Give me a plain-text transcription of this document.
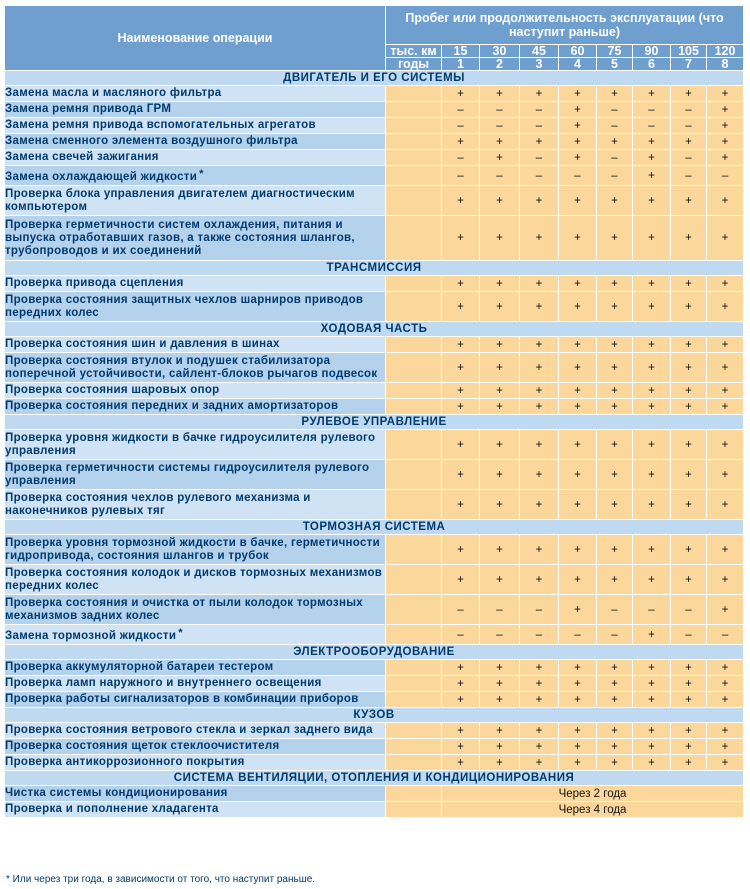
Наименование операции	Пробег или продолжительность эксплуатации (что наступит раньше)								
	тыс. км	15	30	45	60	75	90	105	120
	годы	1	2	3	4	5	6	7	8
ДВИГАТЕЛЬ И ЕГО СИСТЕМЫ									
Замена масла и масляного фильтра		+	+	+	+	+	+	+	+
Замена ремня привода ГРМ		–	–	–	+	–	–	–	+
Замена ремня привода вспомогательных агрегатов		–	–	–	+	–	–	–	+
Замена сменного элемента воздушного фильтра		+	+	+	+	+	+	+	+
Замена свечей зажигания		–	+	–	+	–	+	–	+
Замена охлаждающей жидкости *		–	–	–	–	–	+	–	–
Проверка блока управления двигателем диагностическим компьютером		+	+	+	+	+	+	+	+
Проверка герметичности систем охлаждения, питания и выпуска отработавших газов, а также состояния шлангов, трубопроводов и их соединений		+	+	+	+	+	+	+	+
ТРАНСМИССИЯ									
Проверка привода сцепления		+	+	+	+	+	+	+	+
Проверка состояния защитных чехлов шарниров приводов передних колес		+	+	+	+	+	+	+	+
ХОДОВАЯ ЧАСТЬ									
Проверка состояния шин и давления в шинах		+	+	+	+	+	+	+	+
Проверка состояния втулок и подушек стабилизатора поперечной устойчивости, сайлент-блоков рычагов подвесок		+	+	+	+	+	+	+	+
Проверка состояния шаровых опор		+	+	+	+	+	+	+	+
Проверка состояния передних и задних амортизаторов		+	+	+	+	+	+	+	+
РУЛЕВОЕ УПРАВЛЕНИЕ									
Проверка уровня жидкости в бачке гидроусилителя рулевого управления		+	+	+	+	+	+	+	+
Проверка герметичности системы гидроусилителя рулевого управления		+	+	+	+	+	+	+	+
Проверка состояния чехлов рулевого механизма и наконечников рулевых тяг		+	+	+	+	+	+	+	+
ТОРМОЗНАЯ СИСТЕМА									
Проверка уровня тормозной жидкости в бачке, герметичности гидропривода, состояния шлангов и трубок		+	+	+	+	+	+	+	+
Проверка состояния колодок и дисков тормозных механизмов передних колес		+	+	+	+	+	+	+	+
Проверка состояния и очистка от пыли колодок тормозных механизмов задних колес		–	–	–	+	–	–	–	+
Замена тормозной жидкости *		–	–	–	–	–	+	–	–
ЭЛЕКТРООБОРУДОВАНИЕ									
Проверка аккумуляторной батареи тестером		+	+	+	+	+	+	+	+
Проверка ламп наружного и внутреннего освещения		+	+	+	+	+	+	+	+
Проверка работы сигнализаторов в комбинации приборов		+	+	+	+	+	+	+	+
КУЗОВ									
Проверка состояния ветрового стекла и зеркал заднего вида		+	+	+	+	+	+	+	+
Проверка состояния щеток стеклоочистителя		+	+	+	+	+	+	+	+
Проверка антикоррозионного покрытия		+	+	+	+	+	+	+	+
СИСТЕМА ВЕНТИЛЯЦИИ, ОТОПЛЕНИЯ И КОНДИЦИОНИРОВАНИЯ									
Чистка системы кондиционирования		Через 2 года							
Проверка и пополнение хладагента		Через 4 года							
* Или через три года, в зависимости от того, что наступит раньше.
